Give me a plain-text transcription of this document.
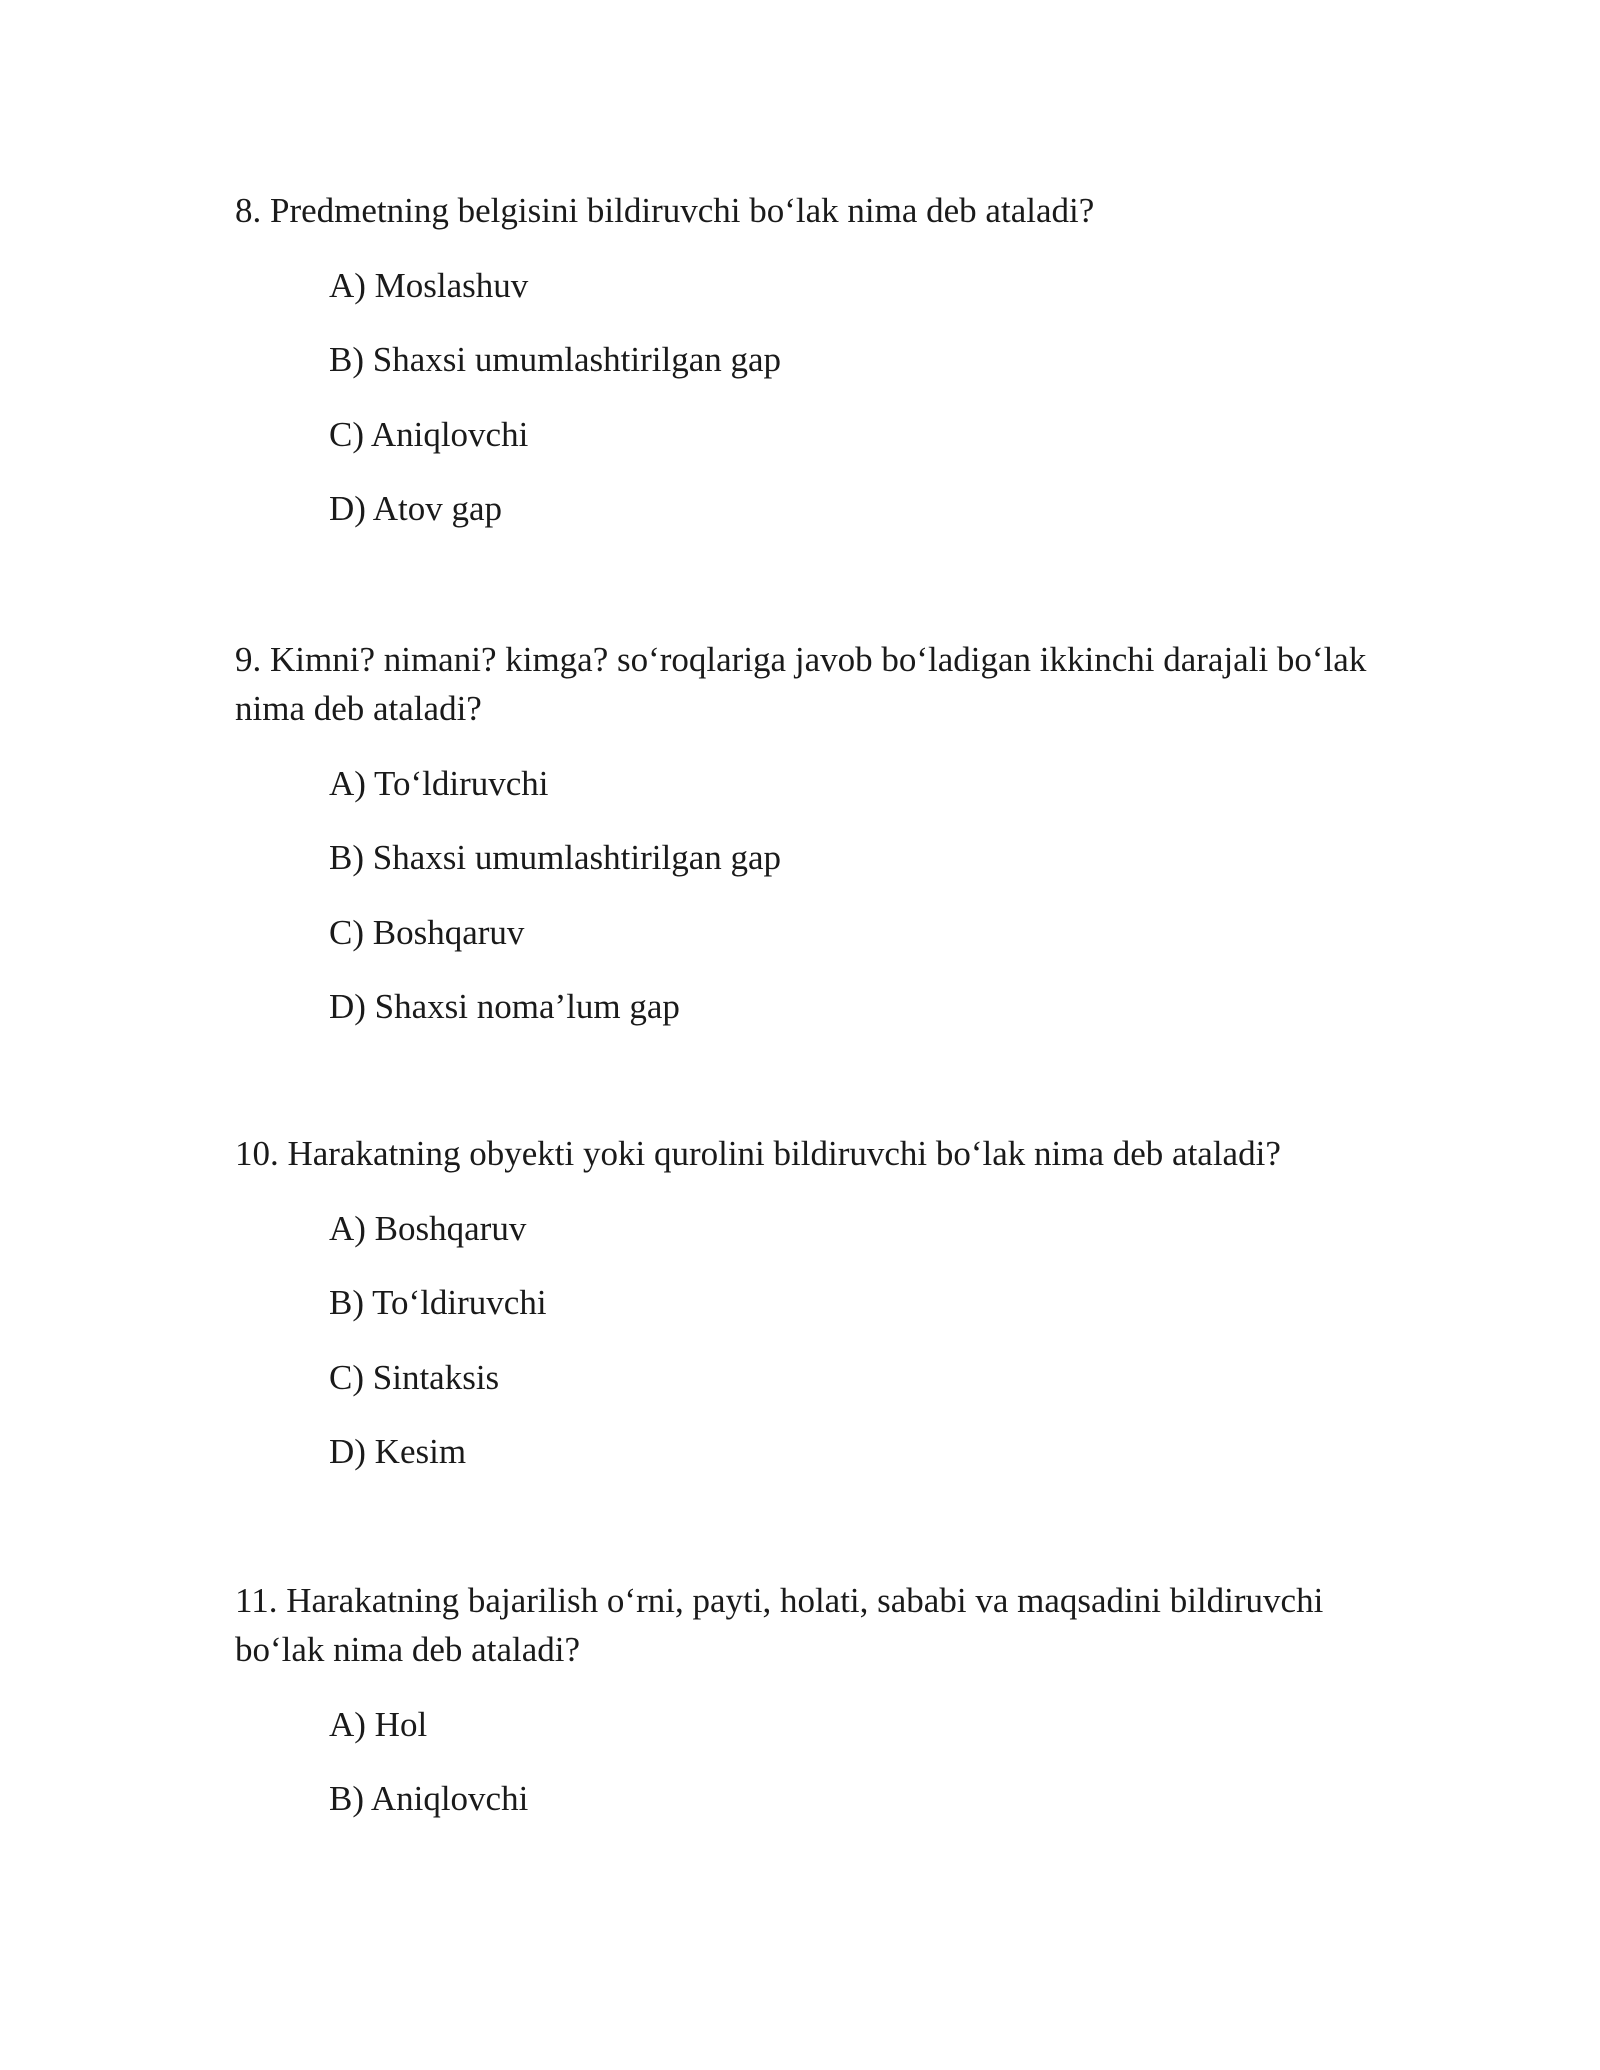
8. Predmetning belgisini bildiruvchi bo‘lak nima deb ataladi?

A) Moslashuv
B) Shaxsi umumlashtirilgan gap
C) Aniqlovchi
D) Atov gap

9. Kimni? nimani? kimga? so‘roqlariga javob bo‘ladigan ikkinchi darajali bo‘lak nima deb ataladi?

A) To‘ldiruvchi
B) Shaxsi umumlashtirilgan gap
C) Boshqaruv
D) Shaxsi noma’lum gap

10. Harakatning obyekti yoki qurolini bildiruvchi bo‘lak nima deb ataladi?

A) Boshqaruv
B) To‘ldiruvchi
C) Sintaksis
D) Kesim

11. Harakatning bajarilish o‘rni, payti, holati, sababi va maqsadini bildiruvchi bo‘lak nima deb ataladi?

A) Hol
B) Aniqlovchi
